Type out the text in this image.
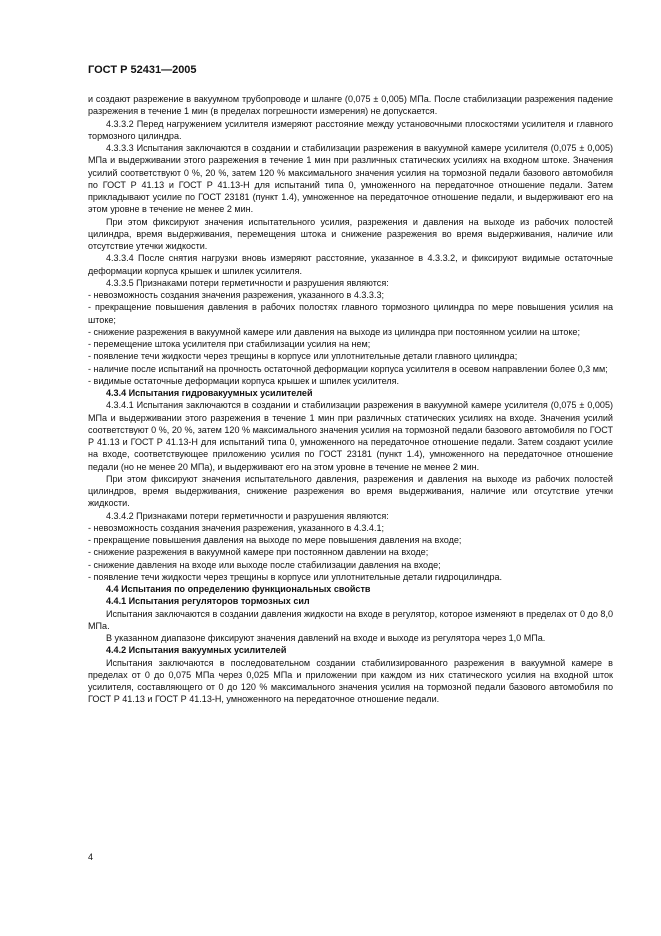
ГОСТ Р 52431—2005

и создают разрежение в вакуумном трубопроводе и шланге (0,075 ± 0,005) МПа. После стабилизации разрежения падение разрежения в течение 1 мин (в пределах погрешности измерения) не допускается.

4.3.3.2 Перед нагружением усилителя измеряют расстояние между установочными плоскостями усилителя и главного тормозного цилиндра.

4.3.3.3 Испытания заключаются в создании и стабилизации разрежения в вакуумной камере усилителя (0,075 ± 0,005) МПа и выдерживании этого разрежения в течение 1 мин при различных статических усилиях на входном штоке. Значения усилий соответствуют 0 %, 20 %, затем 120 % максимального значения усилия на тормозной педали базового автомобиля по ГОСТ Р 41.13 и ГОСТ Р 41.13-Н для испытаний типа 0, умноженного на передаточное отношение педали. Затем прикладывают усилие по ГОСТ 23181 (пункт 1.4), умноженное на передаточное отношение педали, и выдерживают его на этом уровне в течение не менее 2 мин.

При этом фиксируют значения испытательного усилия, разрежения и давления на выходе из рабочих полостей цилиндра, время выдерживания, перемещения штока и снижение разрежения во время выдерживания, наличие или отсутствие утечки жидкости.

4.3.3.4 После снятия нагрузки вновь измеряют расстояние, указанное в 4.3.3.2, и фиксируют видимые остаточные деформации корпуса крышек и шпилек усилителя.

4.3.3.5 Признаками потери герметичности и разрушения являются:

- невозможность создания значения разрежения, указанного в 4.3.3.3;

- прекращение повышения давления в рабочих полостях главного тормозного цилиндра по мере повышения усилия на штоке;

- снижение разрежения в вакуумной камере или давления на выходе из цилиндра при постоянном усилии на штоке;

- перемещение штока усилителя при стабилизации усилия на нем;

- появление течи жидкости через трещины в корпусе или уплотнительные детали главного цилиндра;

- наличие после испытаний на прочность остаточной деформации корпуса усилителя в осевом направлении более 0,3 мм;

- видимые остаточные деформации корпуса крышек и шпилек усилителя.

4.3.4 Испытания гидровакуумных усилителей

4.3.4.1 Испытания заключаются в создании и стабилизации разрежения в вакуумной камере усилителя (0,075 ± 0,005) МПа и выдерживании этого разрежения в течение 1 мин при различных статических усилиях на входе. Значения усилий соответствуют 0 %, 20 %, затем 120 % максимального значения усилия на тормозной педали базового автомобиля по ГОСТ Р 41.13 и ГОСТ Р 41.13-Н для испытаний типа 0, умноженного на передаточное отношение педали. Затем создают усилие на входе, соответствующее приложению усилия по ГОСТ 23181 (пункт 1.4), умноженного на передаточное отношение педали (но не менее 20 МПа), и выдерживают его на этом уровне в течение не менее 2 мин.

При этом фиксируют значения испытательного давления, разрежения и давления на выходе из рабочих полостей цилиндров, время выдерживания, снижение разрежения во время выдерживания, наличие или отсутствие утечки жидкости.

4.3.4.2 Признаками потери герметичности и разрушения являются:

- невозможность создания значения разрежения, указанного в 4.3.4.1;

- прекращение повышения давления на выходе по мере повышения давления на входе;

- снижение разрежения в вакуумной камере при постоянном давлении на входе;

- снижение давления на входе или выходе после стабилизации давления на входе;

- появление течи жидкости через трещины в корпусе или уплотнительные детали гидроцилиндра.

4.4 Испытания по определению функциональных свойств

4.4.1 Испытания регуляторов тормозных сил

Испытания заключаются в создании давления жидкости на входе в регулятор, которое изменяют в пределах от 0 до 8,0 МПа.

В указанном диапазоне фиксируют значения давлений на входе и выходе из регулятора через 1,0 МПа.

4.4.2 Испытания вакуумных усилителей

Испытания заключаются в последовательном создании стабилизированного разрежения в вакуумной камере в пределах от 0 до 0,075 МПа через 0,025 МПа и приложении при каждом из них статического усилия на входной шток усилителя, составляющего от 0 до 120 % максимального значения усилия на тормозной педали базового автомобиля по ГОСТ Р 41.13 и ГОСТ Р 41.13-Н, умноженного на передаточное отношение педали.

4
